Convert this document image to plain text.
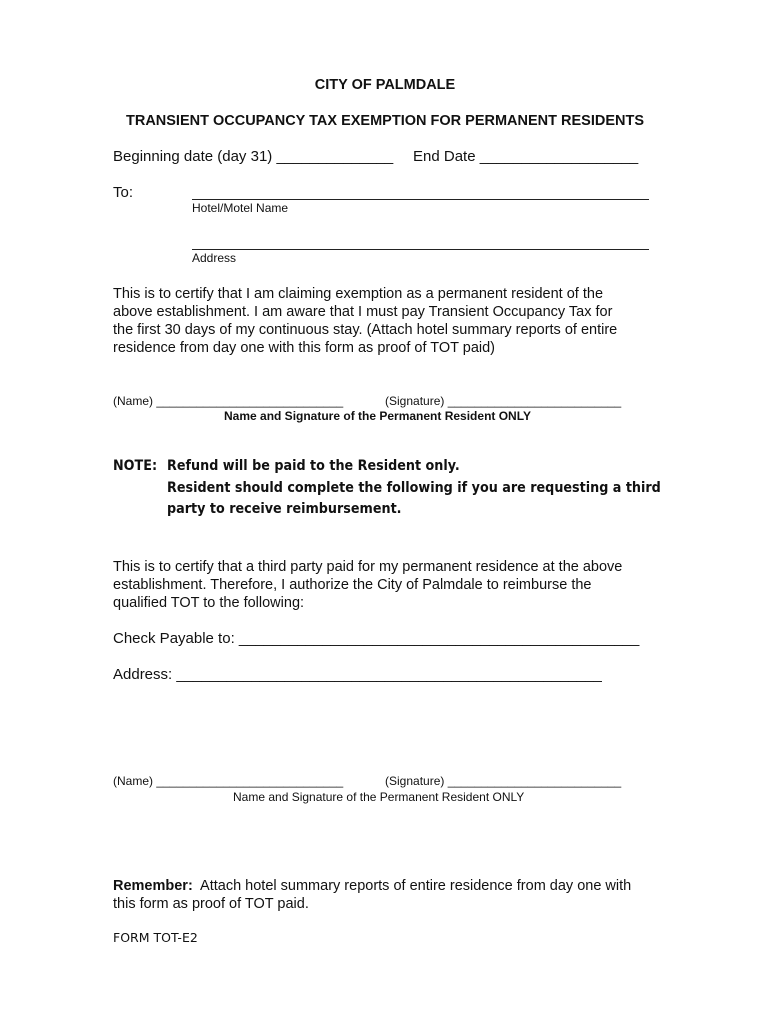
CITY OF PALMDALE
TRANSIENT OCCUPANCY TAX EXEMPTION FOR PERMANENT RESIDENTS
Beginning date (day 31) ______________ End Date ___________________
To:
Hotel/Motel Name
Address
This is to certify that I am claiming exemption as a permanent resident of the
above establishment. I am aware that I must pay Transient Occupancy Tax for
the first 30 days of my continuous stay. (Attach hotel summary reports of entire
residence from day one with this form as proof of TOT paid)
(Name) ____________________________	(Signature) __________________________
Name and Signature of the Permanent Resident ONLY
NOTE: Refund will be paid to the Resident only.
Resident should complete the following if you are requesting a third
party to receive reimbursement.
This is to certify that a third party paid for my permanent residence at the above
establishment. Therefore, I authorize the City of Palmdale to reimburse the
qualified TOT to the following:
Check Payable to: ________________________________________________
Address: ___________________________________________________
(Name) ____________________________	(Signature) __________________________
Name and Signature of the Permanent Resident ONLY
Remember: Attach hotel summary reports of entire residence from day one with
this form as proof of TOT paid.
FORM TOT-E2
